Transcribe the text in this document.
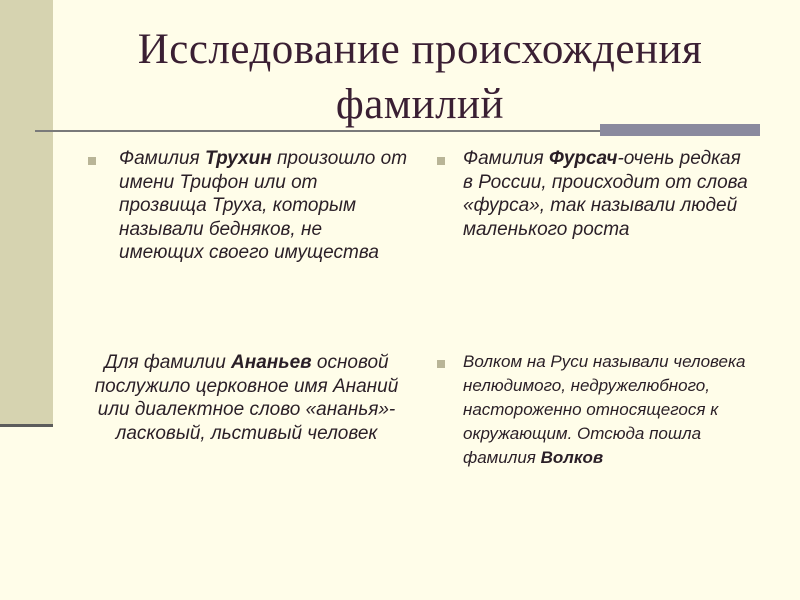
Исследование происхождения
фамилий
Фамилия Трухин произошло от имени Трифон или от прозвища Труха, которым называли бедняков, не имеющих своего имущества
Фамилия Фурсач-очень редкая в России, происходит от слова «фурса», так называли людей маленького роста
Для фамилии Ананьев основой послужило церковное имя Ананий или диалектное слово «ананья»-ласковый, льстивый человек
Волком на Руси называли человека нелюдимого, недружелюбного, настороженно относящегося к окружающим. Отсюда пошла фамилия Волков
